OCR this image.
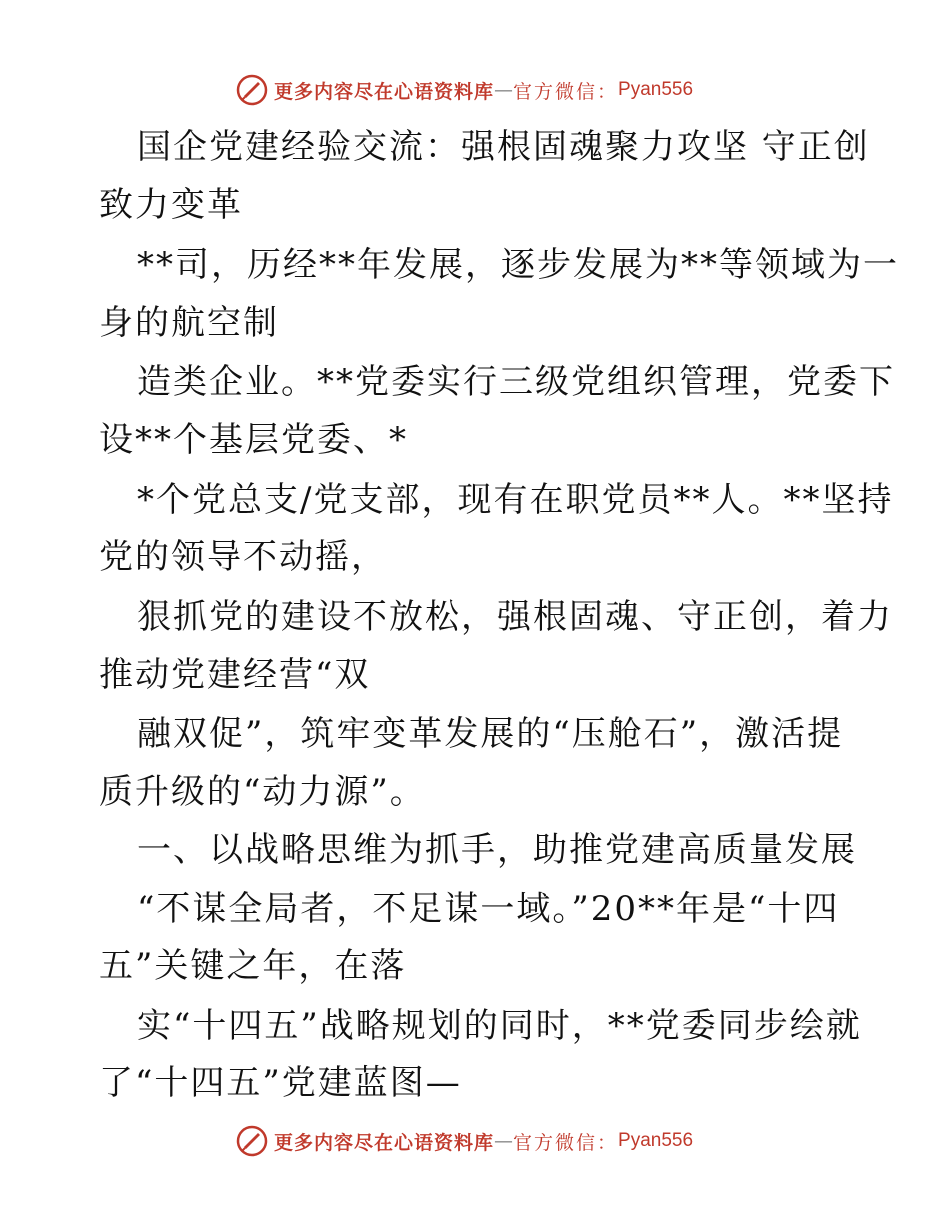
更多内容尽在心语资料库 — 官方微信： Pyan556
国企党建经验交流：强根固魂聚力攻坚 守正创
致力变革
**司，历经**年发展，逐步发展为**等领域为一
身的航空制
造类企业。**党委实行三级党组织管理，党委下
设**个基层党委、*
*个党总支/党支部，现有在职党员**人。**坚持
党的领导不动摇，
狠抓党的建设不放松，强根固魂、守正创，着力
推动党建经营“双
融双促”，筑牢变革发展的“压舱石”，激活提
质升级的“动力源”。
一、以战略思维为抓手，助推党建高质量发展
“不谋全局者，不足谋一域。”20**年是“十四
五”关键之年，在落
实“十四五”战略规划的同时，**党委同步绘就
了“十四五”党建蓝图—
更多内容尽在心语资料库 — 官方微信： Pyan556
